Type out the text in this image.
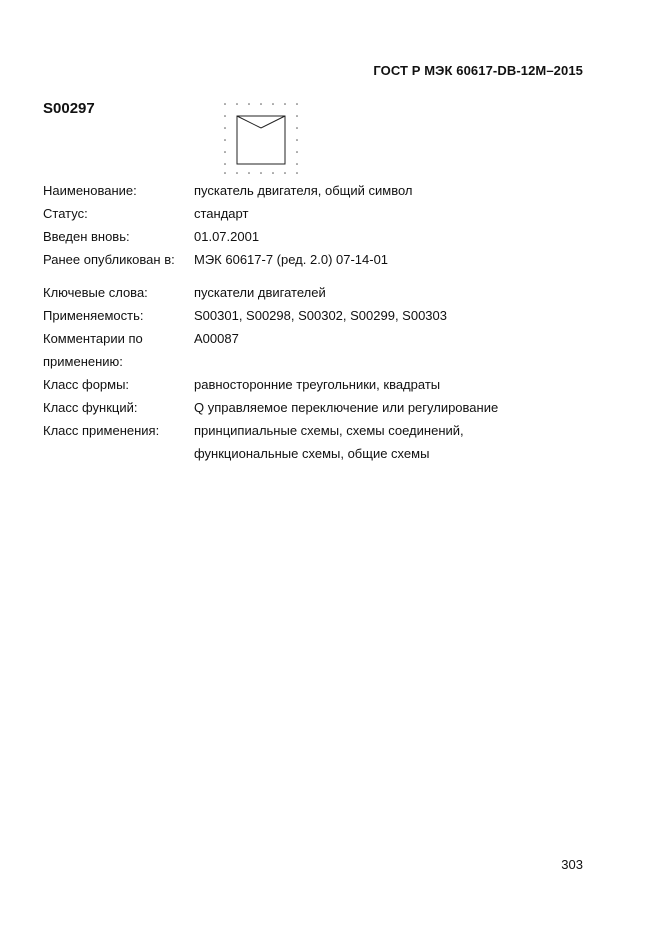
ГОСТ Р МЭК 60617-DB-12M–2015
S00297
Наименование:	пускатель двигателя, общий символ
Статус:	стандарт
Введен вновь:	01.07.2001
Ранее опубликован в:	МЭК 60617-7 (ред. 2.0) 07-14-01
Ключевые слова:	пускатели двигателей
Применяемость:	S00301, S00298, S00302, S00299, S00303
Комментарии по	A00087
применению:
Класс формы:	равносторонние треугольники, квадраты
Класс функций:	Q управляемое переключение или регулирование
Класс применения:	принципиальные схемы, схемы соединений,
функциональные схемы, общие схемы
303
